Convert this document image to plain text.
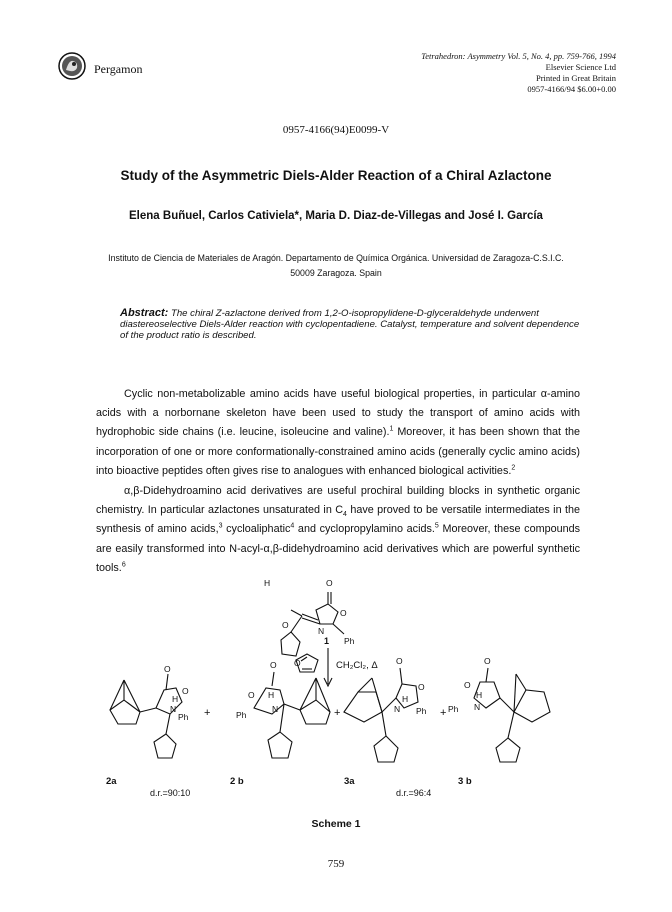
Pergamon
Tetrahedron: Asymmetry Vol. 5, No. 4, pp. 759-766, 1994
Elsevier Science Ltd
Printed in Great Britain
0957-4166/94 $6.00+0.00
0957-4166(94)E0099-V
Study of the Asymmetric Diels-Alder Reaction of a Chiral Azlactone
Elena Buñuel, Carlos Cativiela*, Maria D. Diaz-de-Villegas and José I. García
Instituto de Ciencia de Materiales de Aragón. Departamento de Química Orgánica. Universidad de Zaragoza-C.S.I.C.
50009 Zaragoza. Spain
Abstract: The chiral Z-azlactone derived from 1,2-O-isopropylidene-D-glyceraldehyde underwent diastereoselective Diels-Alder reaction with cyclopentadiene. Catalyst, temperature and solvent dependence of the product ratio is described.
Cyclic non-metabolizable amino acids have useful biological properties, in particular α-amino acids with a norbornane skeleton have been used to study the transport of amino acids with hydrophobic side chains (i.e. leucine, isoleucine and valine).$^1$ Moreover, it has been shown that the incorporation of one or more conformationally-constrained amino acids (generally cyclic amino acids) into bioactive peptides often gives rise to analogues with enhanced biological activities.$^2$
α,β-Didehydroamino acid derivatives are useful prochiral building blocks in synthetic organic chemistry. In particular azlactones unsaturated in $C_4$ have proved to be versatile intermediates in the synthesis of amino acids,$^3$ cycloaliphatic$^4$ and cyclopropylamino acids.$^5$ Moreover, these compounds are easily transformed into N-acyl-α,β-didehydroamino acid derivatives which are powerful synthetic tools.$^6$
H	O
O
N
Ph
O
O
O
O
N
Ph
H
O
O
N
Ph
H
O
O
N Ph
H
O
O
N
Ph
H
1
CH₂Cl₂, Δ
+	+	+
2a	2 b	3a	3 b
d.r.=90:10	d.r.=96:4
Scheme 1
759
